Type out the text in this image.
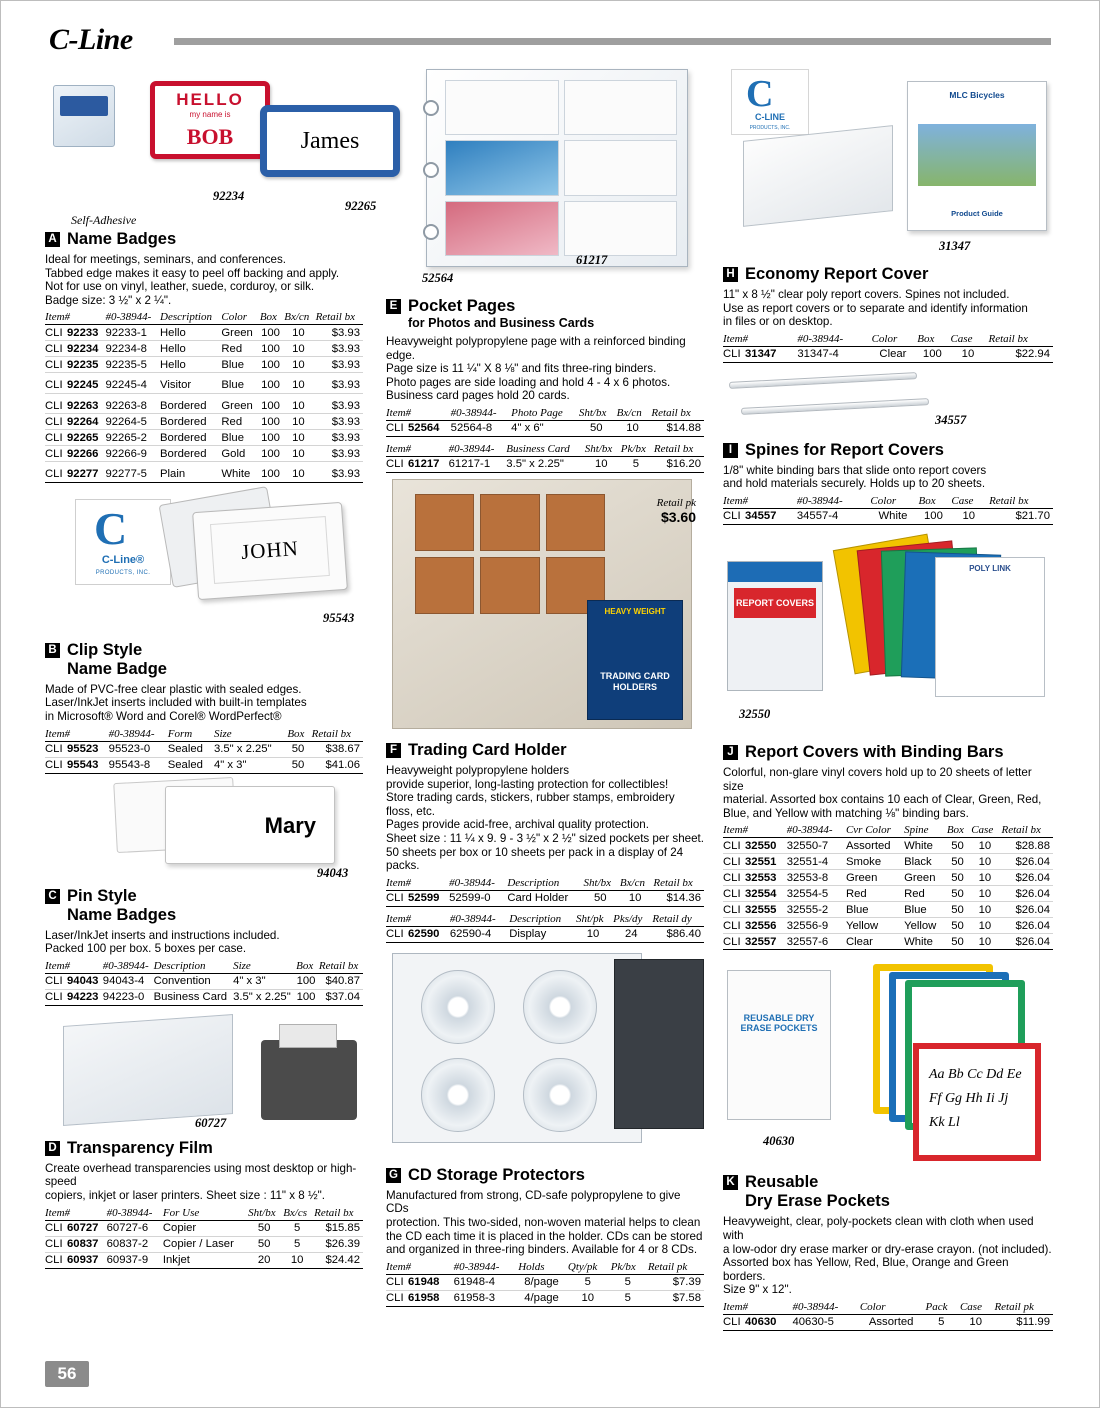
C-Line
HELLO
my name is
BOB	James
92234
92265
Self-Adhesive
A Name Badges

Ideal for meetings, seminars, and conferences.
Tabbed edge makes it easy to peel off backing and apply.
Not for use on vinyl, leather, suede, corduroy, or silk.
Badge size: 3 ½" x 2 ¼".

Item#		#0-38944-	Description	Color	Box	Bx/cn	Retail bx
CLI	92233	92233-1	Hello	Green	100	10	$3.93
CLI	92234	92234-8	Hello	Red	100	10	$3.93
CLI	92235	92235-5	Hello	Blue	100	10	$3.93

CLI	92245	92245-4	Visitor	Blue	100	10	$3.93

CLI	92263	92263-8	Bordered	Green	100	10	$3.93
CLI	92264	92264-5	Bordered	Red	100	10	$3.93
CLI	92265	92265-2	Bordered	Blue	100	10	$3.93
CLI	92266	92266-9	Bordered	Gold	100	10	$3.93

CLI	92277	92277-5	Plain	White	100	10	$3.93
C
C-Line®
PRODUCTS, INC.
JOHN
95543
B Clip Style
Name Badge

Made of PVC-free clear plastic with sealed edges.
Laser/InkJet inserts included with built-in templates
in Microsoft® Word and Corel® WordPerfect®

Item#		#0-38944-	Form	Size	Box	Retail bx
CLI	95523	95523-0	Sealed	3.5" x 2.25"	50	$38.67
CLI	95543	95543-8	Sealed	4" x 3"	50	$41.06
Mary
94043
C Pin Style
Name Badges

Laser/InkJet inserts and instructions included.
Packed 100 per box. 5 boxes per case.

Item#		#0-38944-	Description	Size	Box	Retail bx
CLI	94043	94043-4	Convention	4" x 3"	100	$40.87
CLI	94223	94223-0	Business Card	3.5" x 2.25"	100	$37.04
60727
D Transparency Film

Create overhead transparencies using most desktop or high-speed
copiers, inkjet or laser printers. Sheet size : 11" x 8 ½".

Item#		#0-38944-	For Use	Sht/bx	Bx/cs	Retail bx
CLI	60727	60727-6	Copier	50	5	$15.85
CLI	60837	60837-2	Copier / Laser	50	5	$26.39
CLI	60937	60937-9	Inkjet	20	10	$24.42
52564
61217
E Pocket Pages
for Photos and Business Cards

Heavyweight polypropylene page with a reinforced binding edge.
Page size is 11 ¼" X 8 ⅛" and fits three-ring binders.
Photo pages are side loading and hold 4 - 4 x 6 photos.
Business card pages hold 20 cards.

Item#		#0-38944-	Photo Page	Sht/bx	Bx/cn	Retail bx
CLI	52564	52564-8	4" x 6"	50	10	$14.88
Item#		#0-38944-	Business Card	Sht/bx	Pk/bx	Retail bx
CLI	61217	61217-1	3.5" x 2.25"	10	5	$16.20
HEAVY WEIGHT
TRADING CARD HOLDERS
Retail pk
$3.60
F Trading Card Holder

Heavyweight polypropylene holders
provide superior, long-lasting protection for collectibles!
Store trading cards, stickers, rubber stamps, embroidery floss, etc.
Pages provide acid-free, archival quality protection.
Sheet size : 11 ¼ x 9. 9 - 3 ½" x 2 ½" sized pockets per sheet.
50 sheets per box or 10 sheets per pack in a display of 24 packs.

Item#		#0-38944-	Description	Sht/bx	Bx/cn	Retail bx
CLI	52599	52599-0	Card Holder	50	10	$14.36
Item#		#0-38944-	Description	Sht/pk	Pks/dy	Retail dy
CLI	62590	62590-4	Display	10	24	$86.40
G CD Storage Protectors

Manufactured from strong, CD-safe polypropylene to give CDs
protection. This two-sided, non-woven material helps to clean
the CD each time it is placed in the holder. CDs can be stored
and organized in three-ring binders. Available for 4 or 8 CDs.

Item#		#0-38944-	Holds	Qty/pk	Pk/bx	Retail pk
CLI	61948	61948-4	8/page	5	5	$7.39
CLI	61958	61958-3	4/page	10	5	$7.58
C
C-LINE
PRODUCTS, INC.
MLC Bicycles
Product Guide
31347
H Economy Report Cover

11" x 8 ½" clear poly report covers. Spines not included.
Use as report covers or to separate and identify information
in files or on desktop.

Item#		#0-38944-	Color	Box	Case	Retail bx
CLI	31347	31347-4	Clear	100	10	$22.94
34557
I Spines for Report Covers

1/8" white binding bars that slide onto report covers
and hold materials securely. Holds up to 20 sheets.

Item#		#0-38944-	Color	Box	Case	Retail bx
CLI	34557	34557-4	White	100	10	$21.70
REPORT COVERS
POLY LINK
32550
J Report Covers with Binding Bars

Colorful, non-glare vinyl covers hold up to 20 sheets of letter size
material. Assorted box contains 10 each of Clear, Green, Red,
Blue, and Yellow with matching ⅛" binding bars.

Item#		#0-38944-	Cvr Color	Spine	Box	Case	Retail bx
CLI	32550	32550-7	Assorted	White	50	10	$28.88
CLI	32551	32551-4	Smoke	Black	50	10	$26.04
CLI	32553	32553-8	Green	Green	50	10	$26.04
CLI	32554	32554-5	Red	Red	50	10	$26.04
CLI	32555	32555-2	Blue	Blue	50	10	$26.04
CLI	32556	32556-9	Yellow	Yellow	50	10	$26.04
CLI	32557	32557-6	Clear	White	50	10	$26.04
REUSABLE DRY ERASE POCKETS
Aa Bb Cc Dd Ee Ff Gg Hh Ii Jj Kk Ll
40630
K Reusable
Dry Erase Pockets

Heavyweight, clear, poly-pockets clean with cloth when used with
a low-odor dry erase marker or dry-erase crayon. (not included).
Assorted box has Yellow, Red, Blue, Orange and Green borders.
Size 9" x 12".

Item#		#0-38944-	Color	Pack	Case	Retail pk
CLI	40630	40630-5	Assorted	5	10	$11.99
56
